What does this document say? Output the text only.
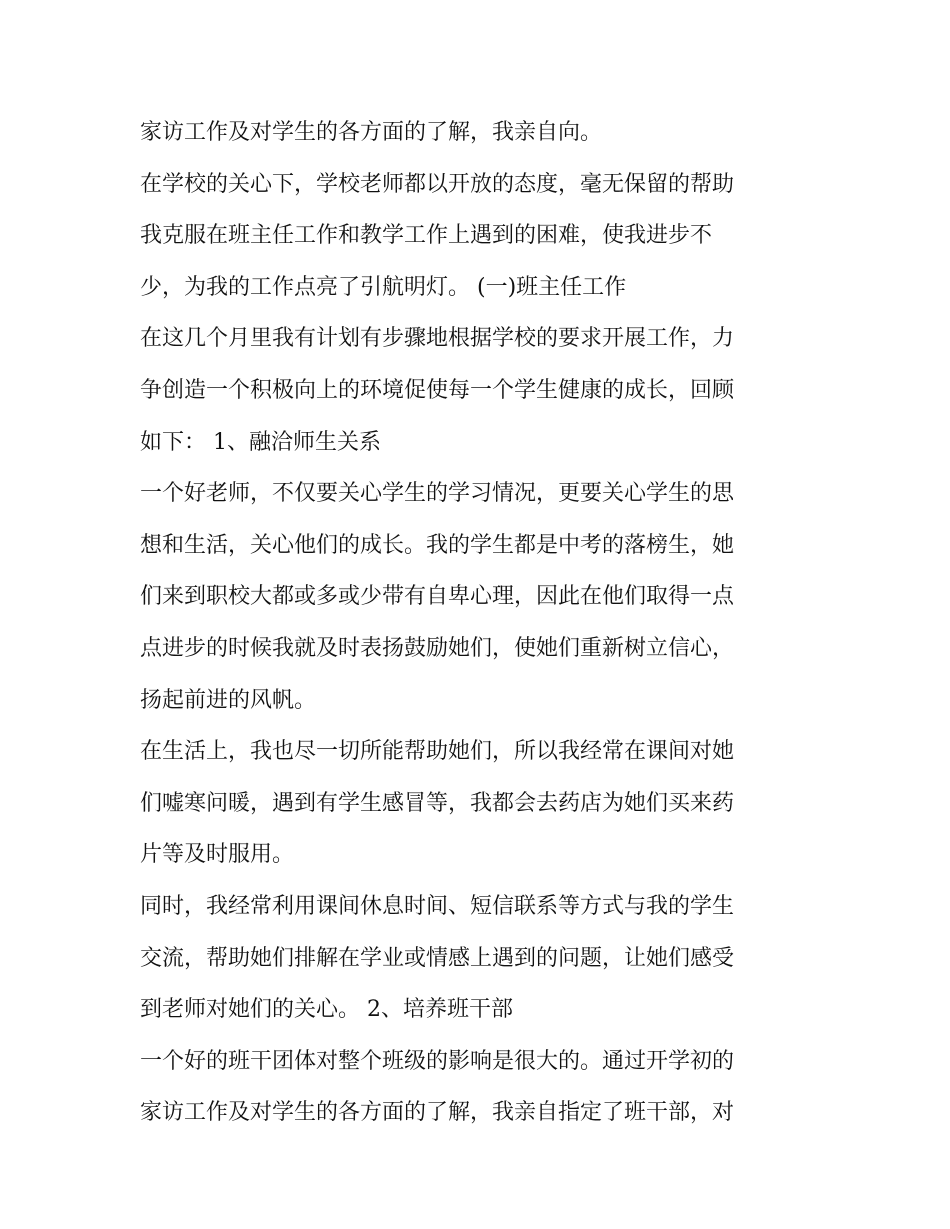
家访工作及对学生的各方面的了解，我亲自向。

在学校的关心下，学校老师都以开放的态度，毫无保留的帮助

我克服在班主任工作和教学工作上遇到的困难，使我进步不

少，为我的工作点亮了引航明灯。 (一)班主任工作

在这几个月里我有计划有步骤地根据学校的要求开展工作，力

争创造一个积极向上的环境促使每一个学生健康的成长，回顾

如下： 1、融洽师生关系

一个好老师，不仅要关心学生的学习情况，更要关心学生的思

想和生活，关心他们的成长。我的学生都是中考的落榜生，她

们来到职校大都或多或少带有自卑心理，因此在他们取得一点

点进步的时候我就及时表扬鼓励她们，使她们重新树立信心，

扬起前进的风帆。

在生活上，我也尽一切所能帮助她们，所以我经常在课间对她

们嘘寒问暖，遇到有学生感冒等，我都会去药店为她们买来药

片等及时服用。

同时，我经常利用课间休息时间、短信联系等方式与我的学生

交流，帮助她们排解在学业或情感上遇到的问题，让她们感受

到老师对她们的关心。 2、培养班干部

一个好的班干团体对整个班级的影响是很大的。通过开学初的

家访工作及对学生的各方面的了解，我亲自指定了班干部，对
